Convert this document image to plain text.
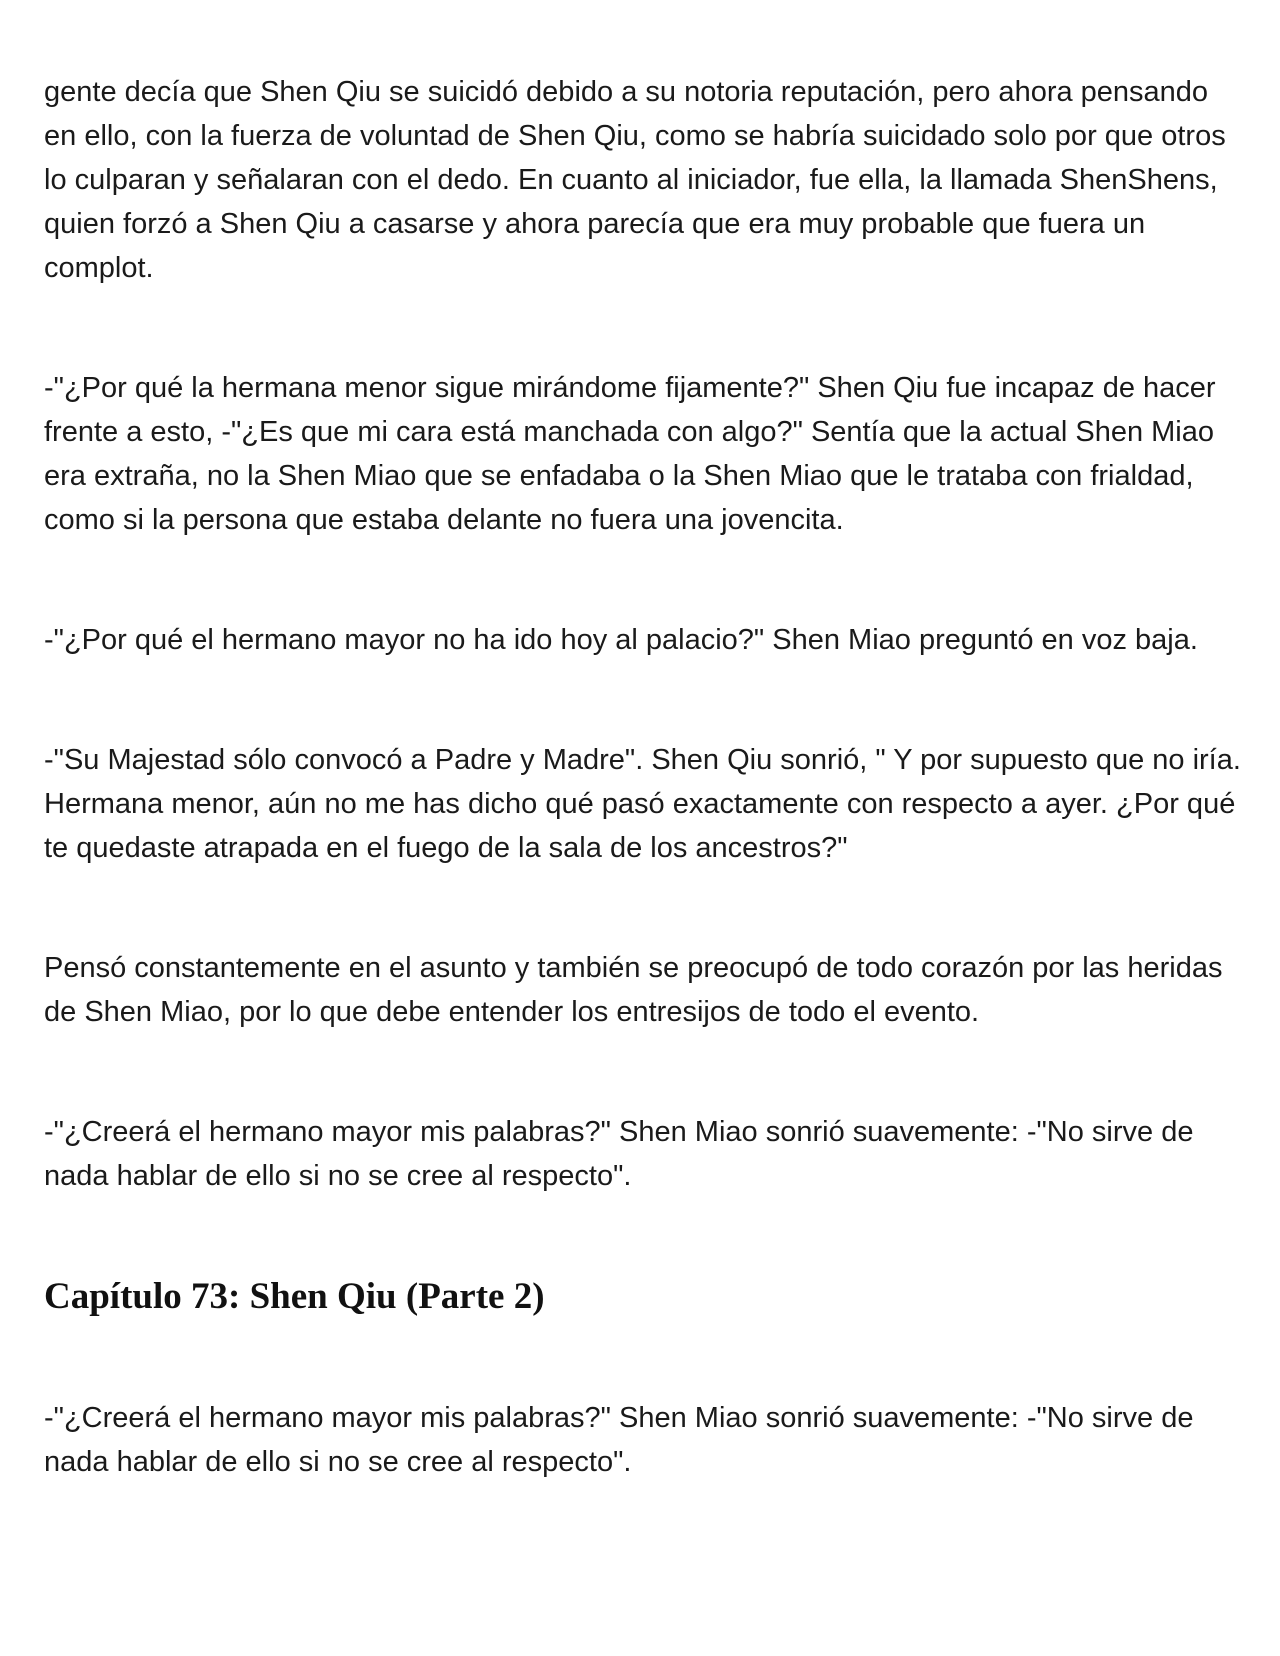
gente decía que Shen Qiu se suicidó debido a su notoria reputación, pero ahora pensando en ello, con la fuerza de voluntad de Shen Qiu, como se habría suicidado solo por que otros lo culparan y señalaran con el dedo. En cuanto al iniciador, fue ella, la llamada ShenShens, quien forzó a Shen Qiu a casarse y ahora parecía que era muy probable que fuera un complot.

-"¿Por qué la hermana menor sigue mirándome fijamente?" Shen Qiu fue incapaz de hacer frente a esto, -"¿Es que mi cara está manchada con algo?" Sentía que la actual Shen Miao era extraña, no la Shen Miao que se enfadaba o la Shen Miao que le trataba con frialdad, como si la persona que estaba delante no fuera una jovencita.

-"¿Por qué el hermano mayor no ha ido hoy al palacio?" Shen Miao preguntó en voz baja.

-"Su Majestad sólo convocó a Padre y Madre". Shen Qiu sonrió, " Y por supuesto que no iría. Hermana menor, aún no me has dicho qué pasó exactamente con respecto a ayer. ¿Por qué te quedaste atrapada en el fuego de la sala de los ancestros?"

Pensó constantemente en el asunto y también se preocupó de todo corazón por las heridas de Shen Miao, por lo que debe entender los entresijos de todo el evento.

-"¿Creerá el hermano mayor mis palabras?" Shen Miao sonrió suavemente: -"No sirve de nada hablar de ello si no se cree al respecto".

Capítulo 73: Shen Qiu (Parte 2)

-"¿Creerá el hermano mayor mis palabras?" Shen Miao sonrió suavemente: -"No sirve de nada hablar de ello si no se cree al respecto".
